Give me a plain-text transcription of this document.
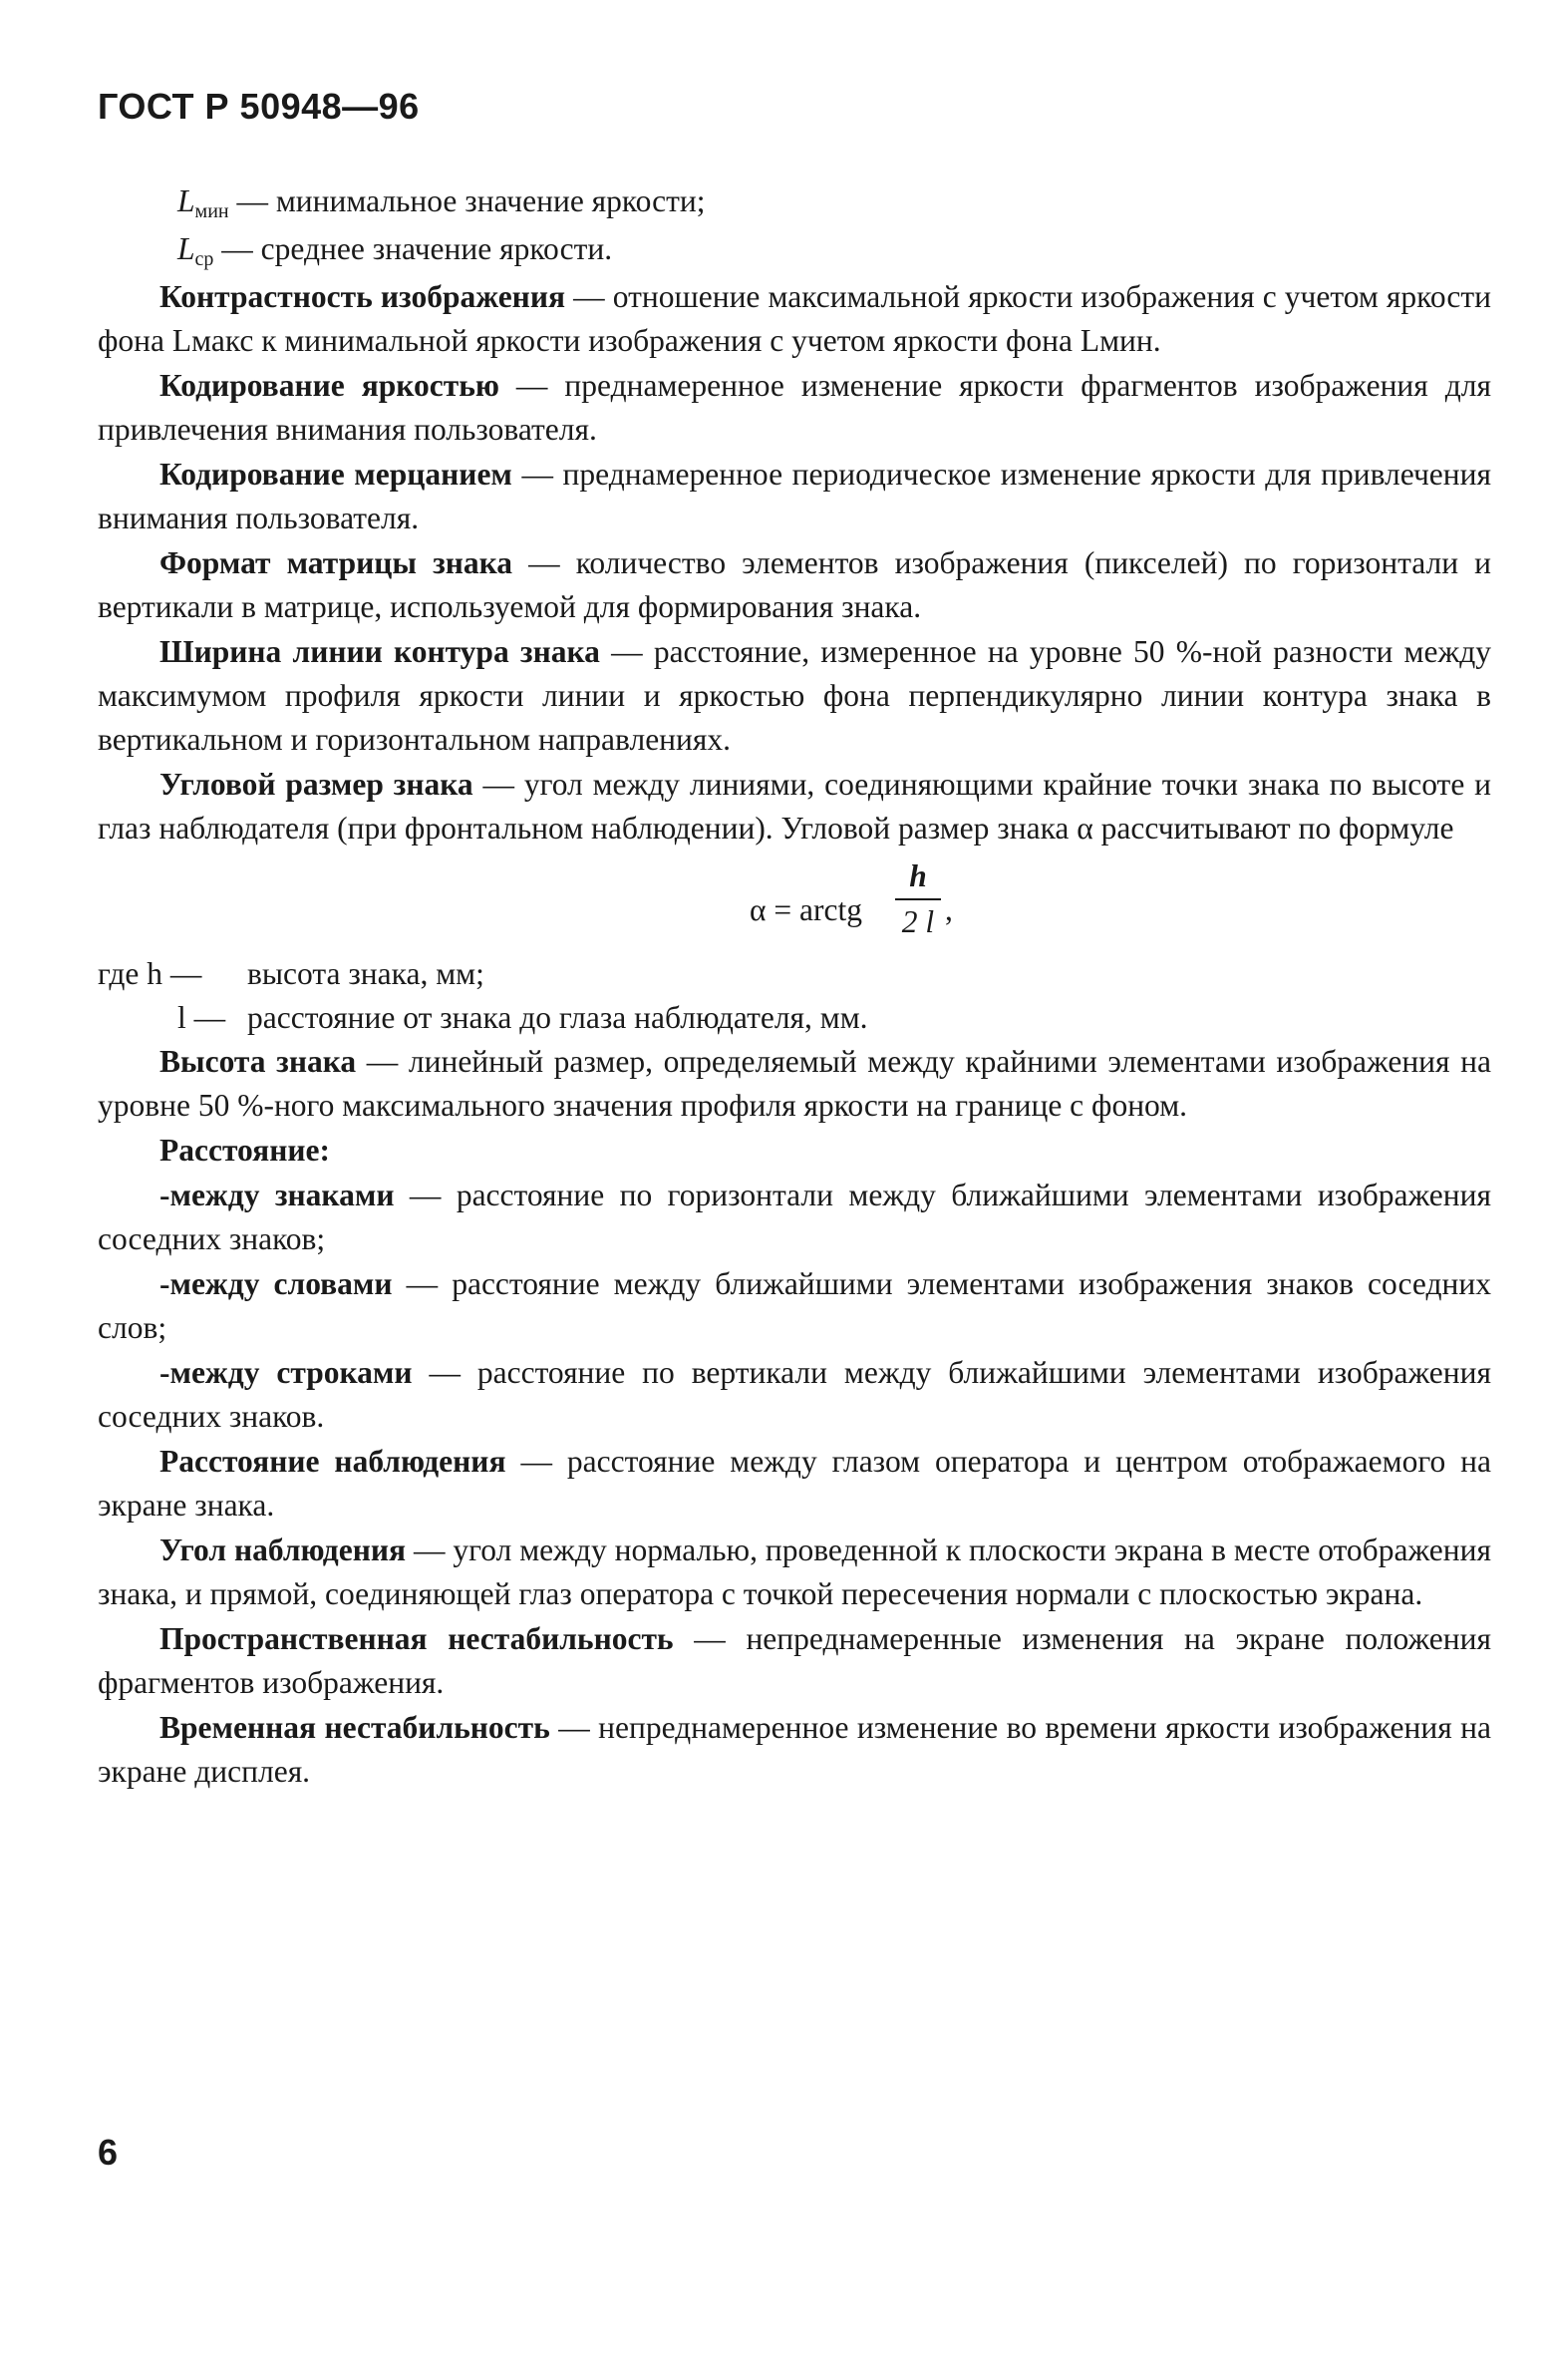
ГОСТ Р 50948—96
Lмин — минимальное значение яркости;
Lср — среднее значение яркости.

Контрастность изображения — отношение максимальной яркости изображения с учетом яркости фона Lмакс к минимальной яркости изображения с учетом яркости фона Lмин.

Кодирование яркостью — преднамеренное изменение яркости фрагментов изображения для привлечения внимания пользователя.

Кодирование мерцанием — преднамеренное периодическое изменение яркости для привлечения внимания пользователя.

Формат матрицы знака — количество элементов изображения (пикселей) по горизонтали и вертикали в матрице, используемой для формирования знака.

Ширина линии контура знака — расстояние, измеренное на уровне 50 %-ной разности между максимумом профиля яркости линии и яркостью фона перпендикулярно линии контура знака в вертикальном и горизонтальном направлениях.

Угловой размер знака — угол между линиями, соединяющими крайние точки знака по высоте и глаз наблюдателя (при фронтальном наблюдении). Угловой размер знака α рассчитывают по формуле

α = arctg
h
2 l ,
где h —	высота знака, мм;
l — расстояние от знака до глаза наблюдателя, мм.

Высота знака — линейный размер, определяемый между крайними элементами изображения на уровне 50 %-ного максимального значения профиля яркости на границе с фоном.

Расстояние:

-между знаками — расстояние по горизонтали между ближайшими элементами изображения соседних знаков;

-между словами — расстояние между ближайшими элементами изображения знаков соседних слов;

-между строками — расстояние по вертикали между ближайшими элементами изображения соседних знаков.

Расстояние наблюдения — расстояние между глазом оператора и центром отображаемого на экране знака.

Угол наблюдения — угол между нормалью, проведенной к плоскости экрана в месте отображения знака, и прямой, соединяющей глаз оператора с точкой пересечения нормали с плоскостью экрана.

Пространственная нестабильность — непреднамеренные изменения на экране положения фрагментов изображения.

Временная нестабильность — непреднамеренное изменение во времени яркости изображения на экране дисплея.

6
